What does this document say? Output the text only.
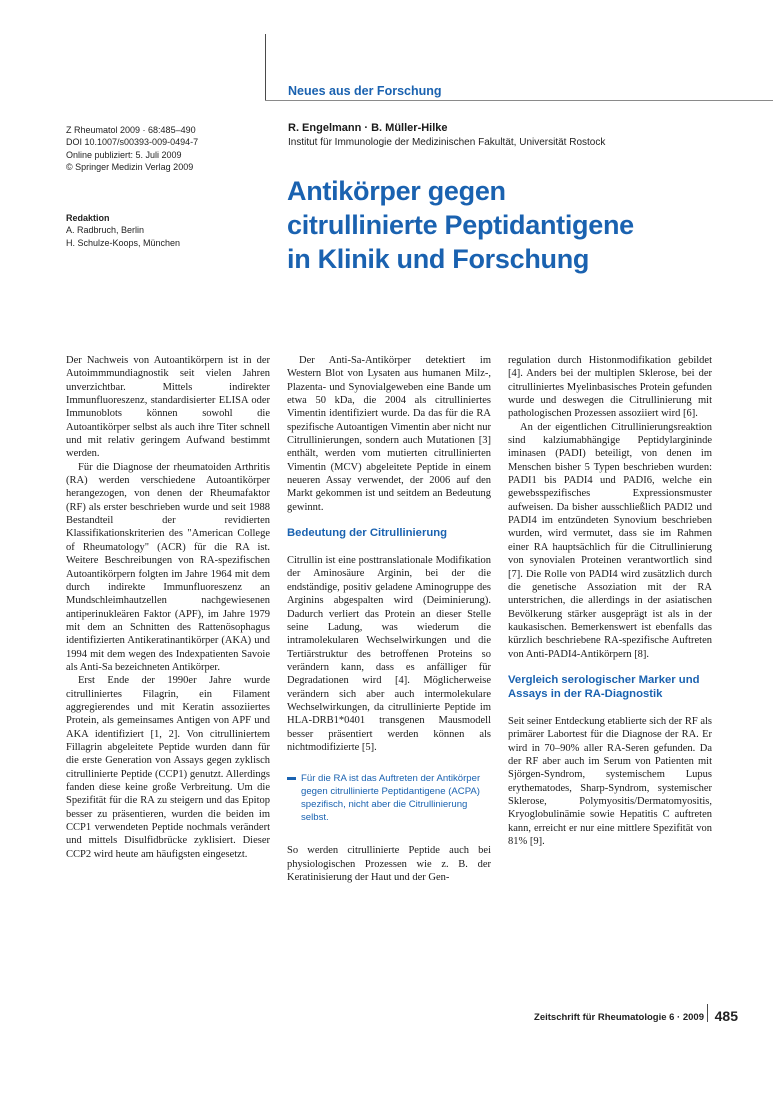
Neues aus der Forschung
Z Rheumatol 2009 · 68:485–490
DOI 10.1007/s00393-009-0494-7
Online publiziert: 5. Juli 2009
© Springer Medizin Verlag 2009
Redaktion
A. Radbruch, Berlin
H. Schulze-Koops, München
R. Engelmann · B. Müller-Hilke
Institut für Immunologie der Medizinischen Fakultät, Universität Rostock
Antikörper gegen
citrullinierte Peptidantigene
in Klinik und Forschung

Der Nachweis von Autoantikörpern ist in der Autoimmmundiagnostik seit vielen Jahren unverzichtbar. Mittels indirekter Immunfluoreszenz, standardisierter ELISA oder Immunoblots können sowohl die Autoantikörper selbst als auch ihre Titer schnell und mit relativ geringem Aufwand bestimmt werden.

Für die Diagnose der rheumatoiden Arthritis (RA) werden verschiedene Autoantikörper herangezogen, von denen der Rheumafaktor (RF) als erster beschrieben wurde und seit 1988 Bestandteil der revidierten Klassifikationskriterien des "American College of Rheumatology" (ACR) für die RA ist. Weitere Beschreibungen von RA-spezifischen Autoantikörpern folgten im Jahre 1964 mit dem durch indirekte Immunfluoreszenz an Mundschleimhautzellen nachgewiesenen antiperinukleären Faktor (APF), im Jahre 1979 mit dem an Schnitten des Rattenösophagus identifizierten Antikeratinantikörper (AKA) und 1994 mit dem wegen des Indexpatienten Savoie als Anti-Sa bezeichneten Antikörper.

Erst Ende der 1990er Jahre wurde citrulliniertes Filagrin, ein Filament aggregierendes und mit Keratin assoziiertes Protein, als gemeinsames Antigen von APF und AKA identifiziert [1, 2]. Von citrulliniertem Fillagrin abgeleitete Peptide wurden dann für die erste Generation von Assays gegen zyklisch citrullinierte Peptide (CCP1) genutzt. Allerdings fanden diese keine große Verbreitung. Um die Spezifität für die RA zu steigern und das Epitop besser zu präsentieren, wurden die beiden im CCP1 verwendeten Peptide nochmals verändert und mittels Disulfidbrücke zyklisiert. Dieser CCP2 wird heute am häufigsten eingesetzt.

Der Anti-Sa-Antikörper detektiert im Western Blot von Lysaten aus humanen Milz-, Plazenta- und Synovialgeweben eine Bande um etwa 50 kDa, die 2004 als citrulliniertes Vimentin identifiziert wurde. Da das für die RA spezifische Autoantigen Vimentin aber nicht nur Citrullinierungen, sondern auch Mutationen [3] enthält, werden vom mutierten citrullinierten Vimentin (MCV) abgeleitete Peptide in einem neueren Assay verwendet, der 2006 auf den Markt gekommen ist und seitdem an Bedeutung gewinnt.

Bedeutung der Citrullinierung

Citrullin ist eine posttranslationale Modifikation der Aminosäure Arginin, bei der die endständige, positiv geladene Aminogruppe des Arginins abgespalten wird (Deiminierung). Dadurch verliert das Protein an dieser Stelle seine Ladung, was wiederum die intramolekularen Wechselwirkungen und die Tertiärstruktur des betroffenen Proteins so verändern kann, dass es anfälliger für Degradationen wird [4]. Möglicherweise verändern sich aber auch intermolekulare Wechselwirkungen, da citrullinierte Peptide im HLA-DRB1*0401 transgenen Mausmodell besser präsentiert werden können als nichtmodifizierte [5].

Für die RA ist das Auftreten der Antikörper gegen citrullinierte Peptidantigene (ACPA) spezifisch, nicht aber die Citrullinierung selbst.

So werden citrullinierte Peptide auch bei physiologischen Prozessen wie z. B. der Keratinisierung der Haut und der Gen-

regulation durch Histonmodifikation gebildet [4]. Anders bei der multiplen Sklerose, bei der citrulliniertes Myelinbasisches Protein gefunden wurde und deswegen die Citrullinierung mit pathologischen Prozessen assoziiert wird [6].

An der eigentlichen Citrullinierungsreaktion sind kalziumabhängige Peptidylargininde iminasen (PADI) beteiligt, von denen im Menschen bisher 5 Typen beschrieben wurden: PADI1 bis PADI4 und PADI6, welche ein gewebsspezifisches Expressionsmuster aufweisen. Da bisher ausschließlich PADI2 und PADI4 im entzündeten Synovium beschrieben wurden, wird vermutet, dass sie im Rahmen einer RA hauptsächlich für die Citrullinierung von synovialen Proteinen verantwortlich sind [7]. Die Rolle von PADI4 wird zusätzlich durch die genetische Assoziation mit der RA unterstrichen, die allerdings in der asiatischen Bevölkerung stärker ausgeprägt ist als in der kaukasischen. Bemerkenswert ist ebenfalls das kürzlich beschriebene RA-spezifische Auftreten von Anti-PADI4-Antikörpern [8].

Vergleich serologischer Marker und Assays in der RA-Diagnostik

Seit seiner Entdeckung etablierte sich der RF als primärer Labortest für die Diagnose der RA. Er wird in 70–90% aller RA-Seren gefunden. Da der RF aber auch im Serum von Patienten mit Sjörgen-Syndrom, systemischem Lupus erythematodes, Sharp-Syndrom, systemischer Sklerose, Polymyositis/Dermatomyositis, Kryoglobulinämie sowie Hepatitis C auftreten kann, erreicht er nur eine mittlere Spezifität von 81% [9].

Zeitschrift für Rheumatologie 6 · 2009 485
